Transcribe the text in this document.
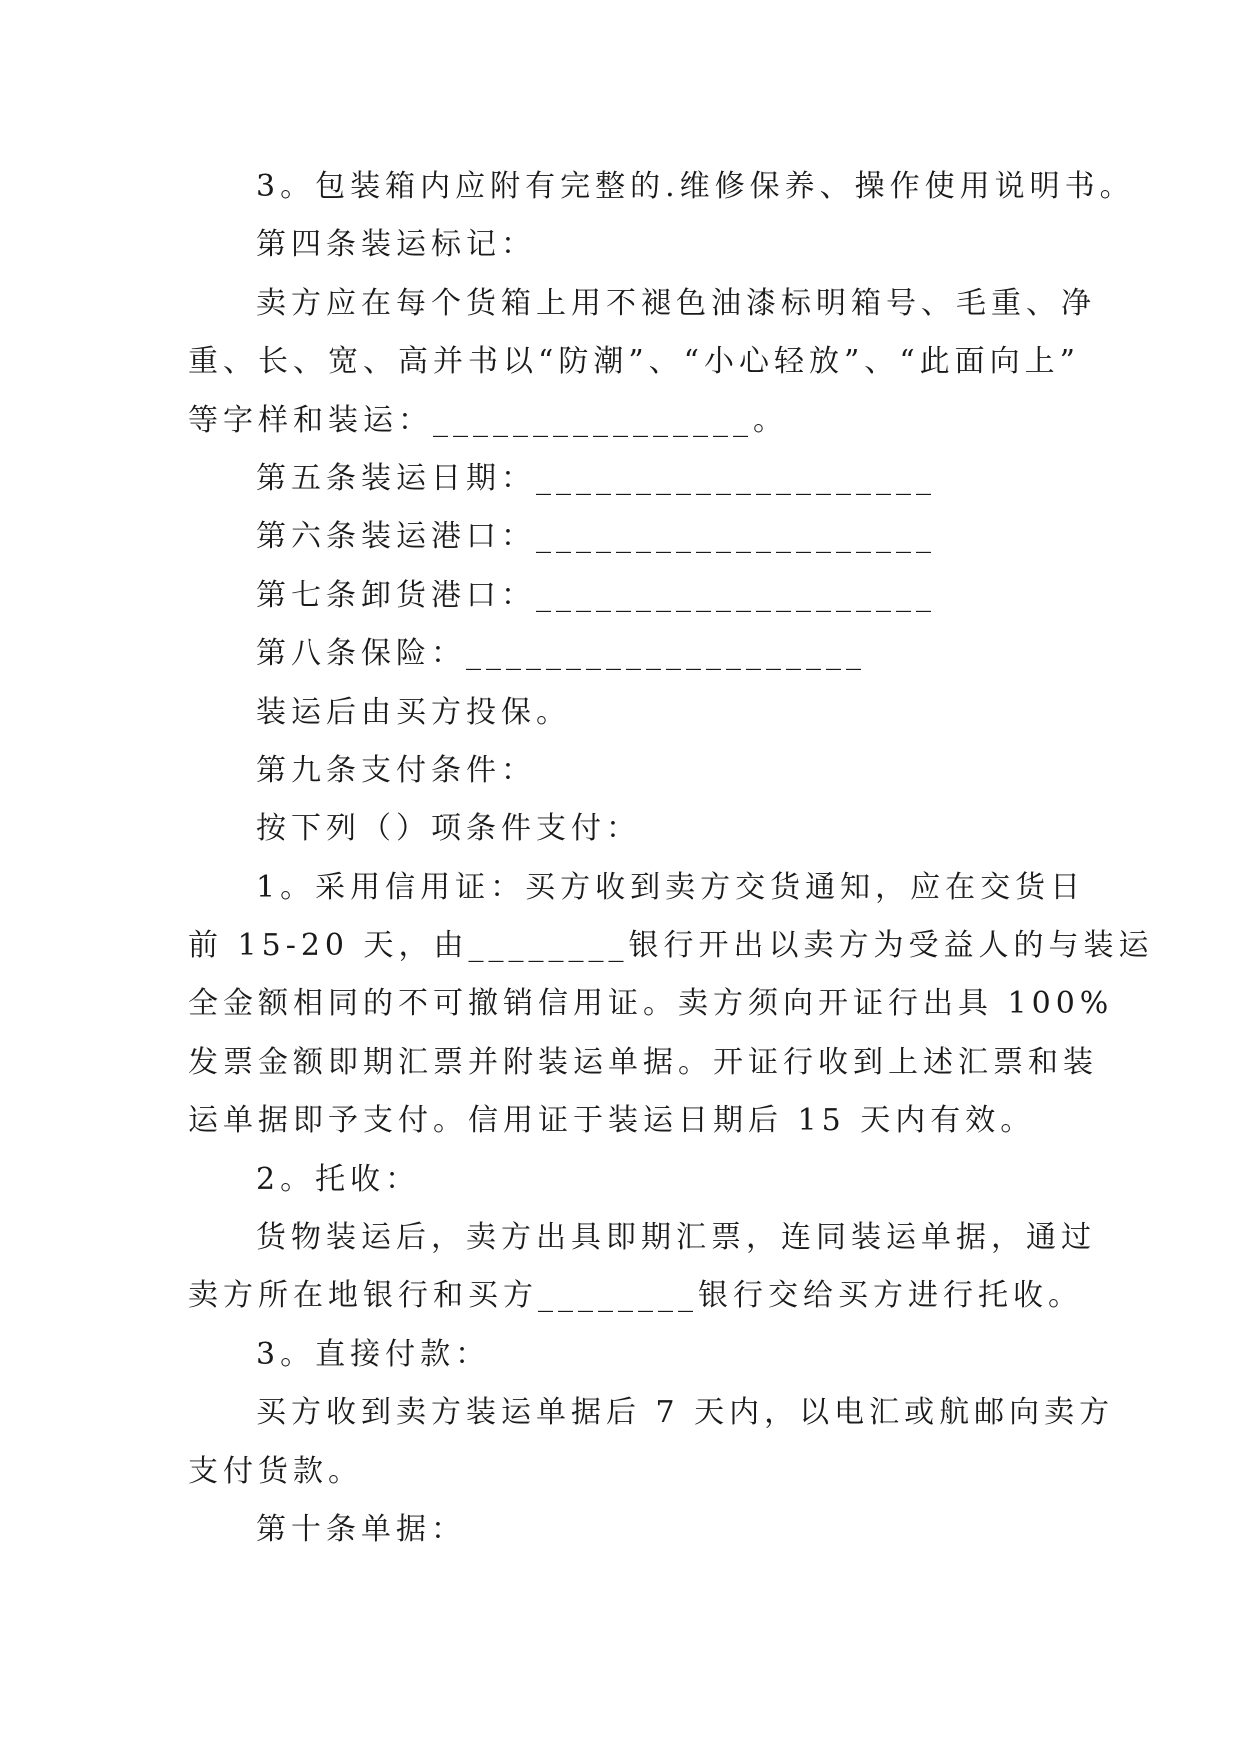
3。包装箱内应附有完整的.维修保养、操作使用说明书。
第四条装运标记：
卖方应在每个货箱上用不褪色油漆标明箱号、毛重、净
重、长、宽、高并书以“防潮”、“小心轻放”、“此面向上”
等字样和装运：________________。
第五条装运日期：____________________
第六条装运港口：____________________
第七条卸货港口：____________________
第八条保险：____________________
装运后由买方投保。
第九条支付条件：
按下列（）项条件支付：
1。采用信用证：买方收到卖方交货通知，应在交货日
前 15-20 天，由________银行开出以卖方为受益人的与装运
全金额相同的不可撤销信用证。卖方须向开证行出具 100%
发票金额即期汇票并附装运单据。开证行收到上述汇票和装
运单据即予支付。信用证于装运日期后 15 天内有效。
2。托收：
货物装运后，卖方出具即期汇票，连同装运单据，通过
卖方所在地银行和买方________银行交给买方进行托收。
3。直接付款：
买方收到卖方装运单据后 7 天内，以电汇或航邮向卖方
支付货款。
第十条单据：
